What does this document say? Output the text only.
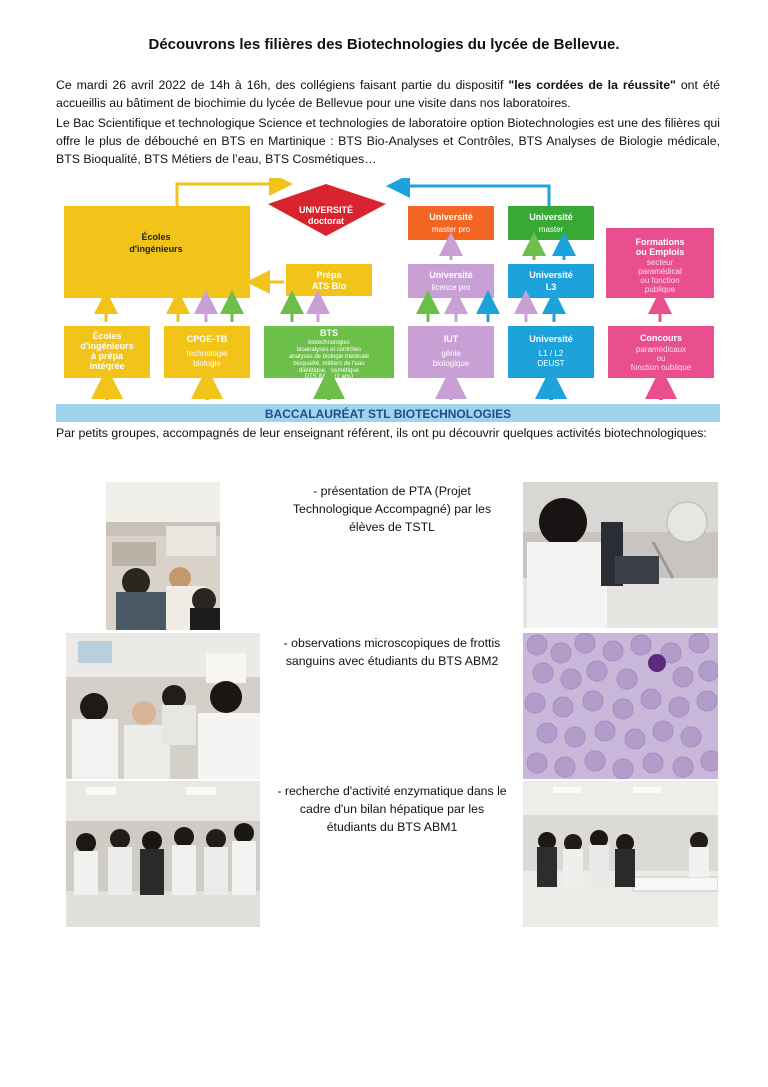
Découvrons les filières des Biotechnologies du lycée de Bellevue.
Ce mardi 26 avril 2022 de 14h à 16h, des collégiens faisant partie du dispositif "les cordées de la réussite" ont été accueillis au bâtiment de biochimie du lycée de Bellevue pour une visite dans nos laboratoires.
Le Bac Scientifique et technologique Science et technologies de laboratoire option Biotechnologies est une des filières qui offre le plus de débouché en BTS en Martinique : BTS Bio-Analyses et Contrôles, BTS Analyses de Biologie médicale, BTS Bioqualité, BTS Métiers de l’eau, BTS Cosmétiques…
Écoles
d'ingénieurs
UNIVERSITÉ
doctorat	Université
master pro
Université
master
Formations
ou Emplois
secteur
paramédical
ou fonction
publique
Prépa
ATS Bio
Université
licence pro
Université
L3
Écoles
d'ingénieurs
à prépa
intégrée
CPGE-TB
technologie
biologie
BTS
biotechnologies
bioanalyses et contrôles
analyses de biologie médicale
bioqualité, métiers de l'eau
diététique, cosmétique
DTS IMRT (2 ans)
IUT
génie
biologique
Université
L1 / L2
DEUST
Concours
paramédicaux
ou
fonction publique
BACCALAURÉAT STL BIOTECHNOLOGIES
Par petits groupes, accompagnés de leur enseignant référent, ils ont pu découvrir quelques activités biotechnologiques:
- présentation de PTA (Projet Technologique Accompagné) par les élèves de TSTL
- observations microscopiques de frottis sanguins avec étudiants du BTS ABM2
- recherche d'activité enzymatique dans le cadre d'un bilan hépatique par les étudiants du BTS ABM1
